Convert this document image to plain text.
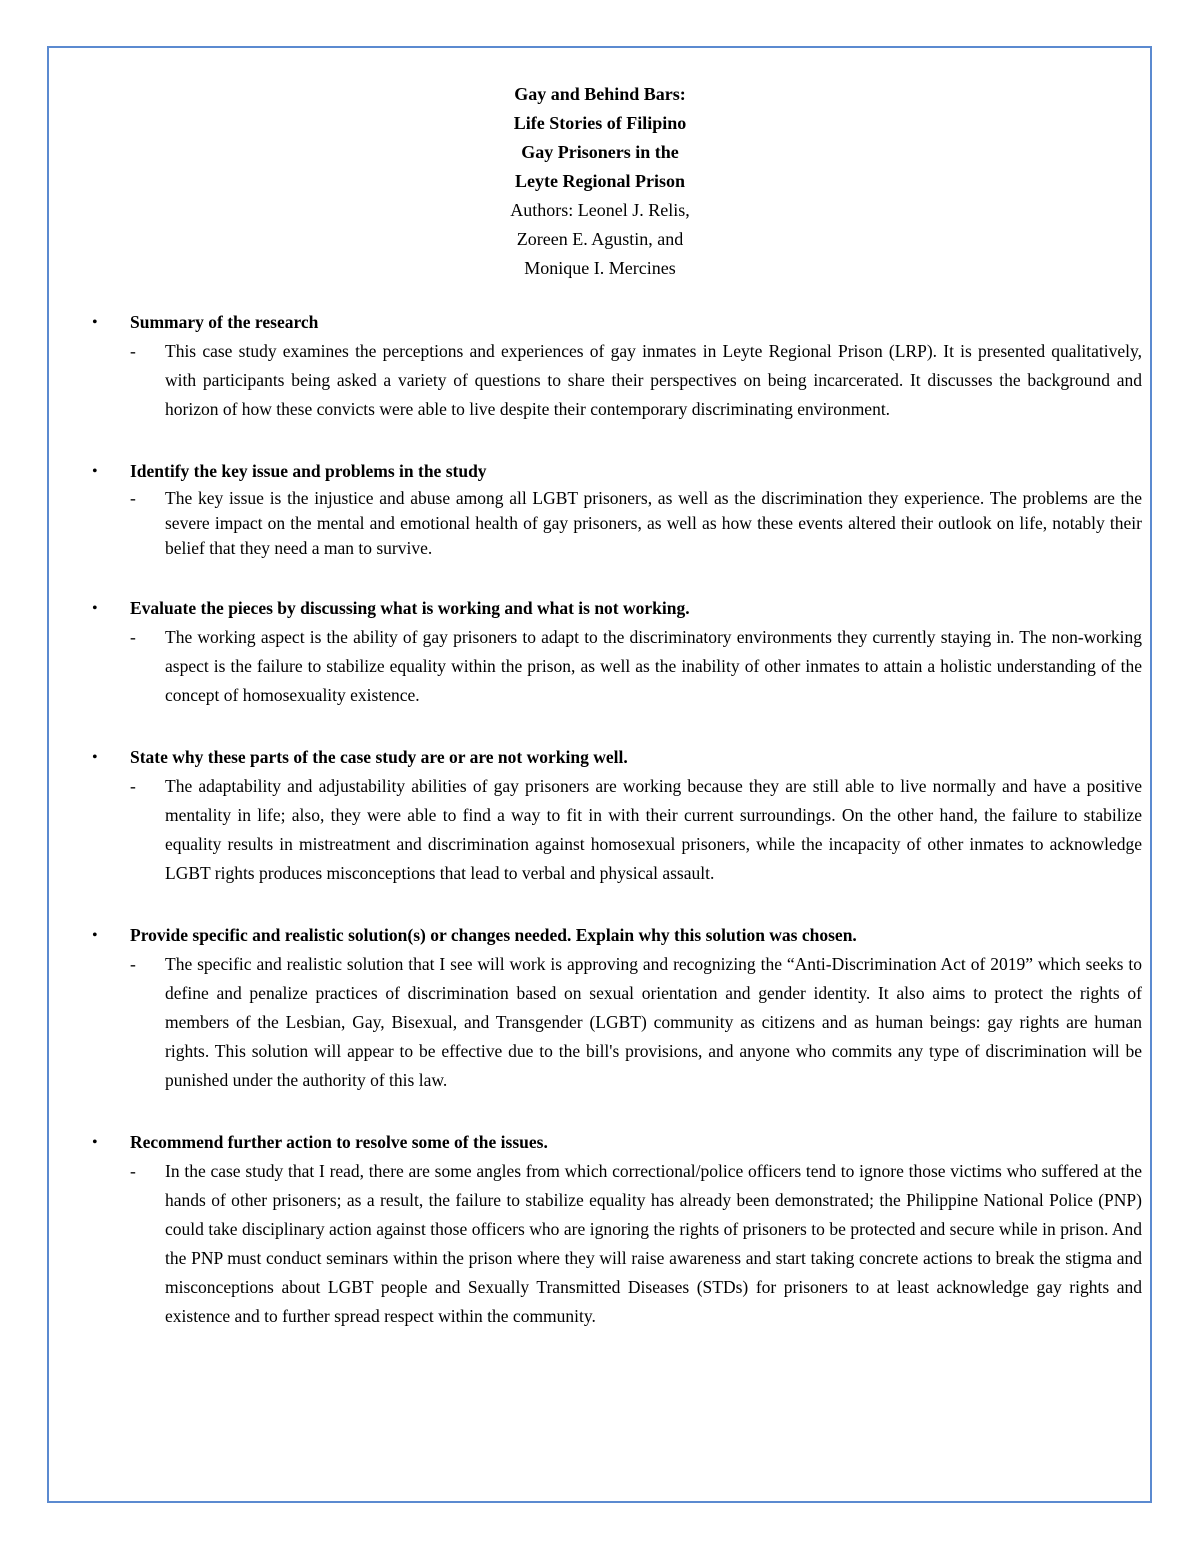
Gay and Behind Bars:
Life Stories of Filipino
Gay Prisoners in the
Leyte Regional Prison
Authors: Leonel J. Relis,
Zoreen E. Agustin, and
Monique I. Mercines
• Summary of the research
- This case study examines the perceptions and experiences of gay inmates in Leyte Regional Prison (LRP). It is presented qualitatively, with participants being asked a variety of questions to share their perspectives on being incarcerated. It discusses the background and horizon of how these convicts were able to live despite their contemporary discriminating environment.
• Identify the key issue and problems in the study
- The key issue is the injustice and abuse among all LGBT prisoners, as well as the discrimination they experience. The problems are the severe impact on the mental and emotional health of gay prisoners, as well as how these events altered their outlook on life, notably their belief that they need a man to survive.
• Evaluate the pieces by discussing what is working and what is not working.
- The working aspect is the ability of gay prisoners to adapt to the discriminatory environments they currently staying in. The non-working aspect is the failure to stabilize equality within the prison, as well as the inability of other inmates to attain a holistic understanding of the concept of homosexuality existence.
• State why these parts of the case study are or are not working well.
- The adaptability and adjustability abilities of gay prisoners are working because they are still able to live normally and have a positive mentality in life; also, they were able to find a way to fit in with their current surroundings. On the other hand, the failure to stabilize equality results in mistreatment and discrimination against homosexual prisoners, while the incapacity of other inmates to acknowledge LGBT rights produces misconceptions that lead to verbal and physical assault.
• Provide specific and realistic solution(s) or changes needed. Explain why this solution was chosen.
- The specific and realistic solution that I see will work is approving and recognizing the “Anti-Discrimination Act of 2019” which seeks to define and penalize practices of discrimination based on sexual orientation and gender identity. It also aims to protect the rights of members of the Lesbian, Gay, Bisexual, and Transgender (LGBT) community as citizens and as human beings: gay rights are human rights. This solution will appear to be effective due to the bill's provisions, and anyone who commits any type of discrimination will be punished under the authority of this law.
• Recommend further action to resolve some of the issues.
- In the case study that I read, there are some angles from which correctional/police officers tend to ignore those victims who suffered at the hands of other prisoners; as a result, the failure to stabilize equality has already been demonstrated; the Philippine National Police (PNP) could take disciplinary action against those officers who are ignoring the rights of prisoners to be protected and secure while in prison. And the PNP must conduct seminars within the prison where they will raise awareness and start taking concrete actions to break the stigma and misconceptions about LGBT people and Sexually Transmitted Diseases (STDs) for prisoners to at least acknowledge gay rights and existence and to further spread respect within the community.
